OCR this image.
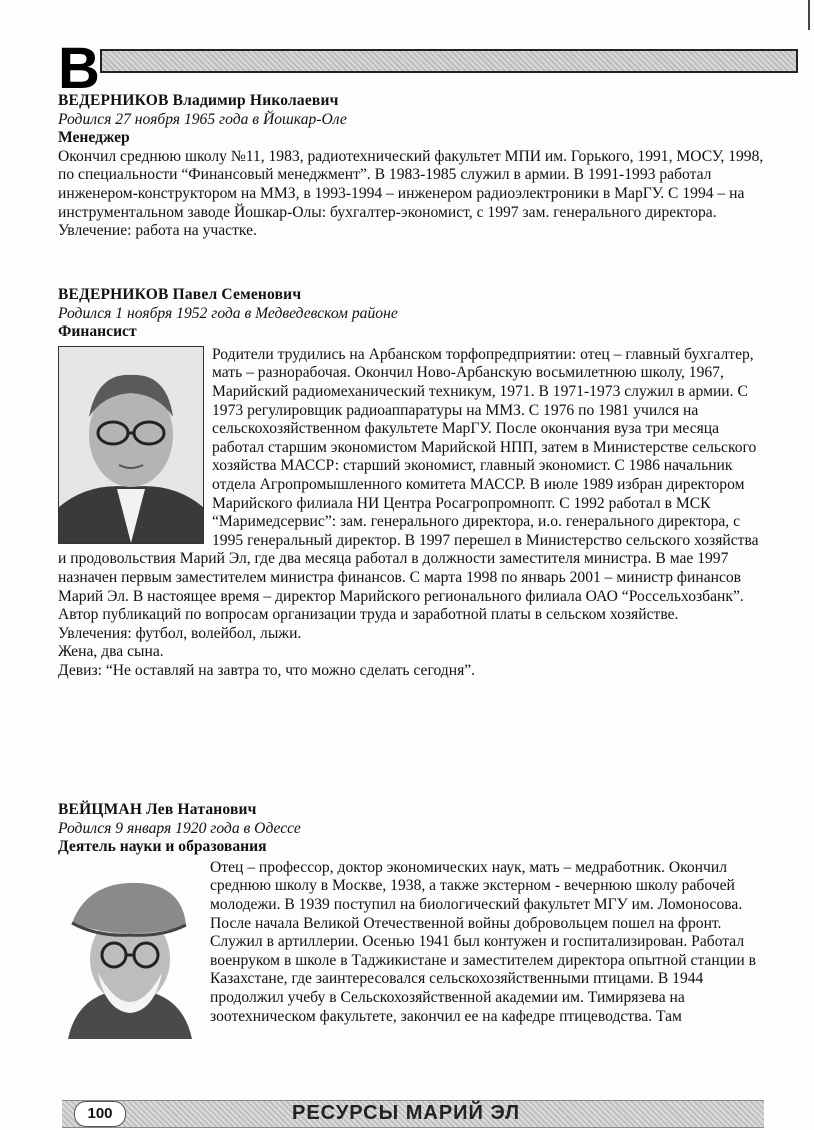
В
ВЕДЕРНИКОВ Владимир Николаевич
Родился 27 ноября 1965 года в Йошкар-Оле
Менеджер

Окончил среднюю школу №11, 1983, радиотехнический факультет МПИ им. Горького, 1991, МОСУ, 1998, по специальности “Финансовый менеджмент”. В 1983-1985 служил в армии. В 1991-1993 работал инженером-конструктором на ММЗ, в 1993-1994 – инженером радиоэлектроники в МарГУ. С 1994 – на инструментальном заводе Йошкар-Олы: бухгалтер-экономист, с 1997 зам. генерального директора.

Увлечение: работа на участке.

ВЕДЕРНИКОВ Павел Семенович
Родился 1 ноября 1952 года в Медведевском районе
Финансист

Родители трудились на Арбанском торфопредприятии: отец – главный бухгалтер, мать – разнорабочая. Окончил Ново-Арбанскую восьмилетнюю школу, 1967, Марийский радиомеханический техникум, 1971. В 1971-1973 служил в армии. С 1973 регулировщик радиоаппаратуры на ММЗ. С 1976 по 1981 учился на сельскохозяйственном факультете МарГУ. После окончания вуза три месяца работал старшим экономистом Марийской НПП, затем в Министерстве сельского хозяйства МАССР: старший экономист, главный экономист. С 1986 начальник отдела Агропромышленного комитета МАССР. В июле 1989 избран директором Марийского филиала НИ Центра Росагропромнопт. С 1992 работал в МСК “Маримедсервис”: зам. генерального директора, и.о. генерального директора, с 1995 генеральный директор. В 1997 перешел в Министерство сельского хозяйства и продовольствия Марий Эл, где два месяца работал в должности заместителя министра. В мае 1997 назначен первым заместителем министра финансов. С марта 1998 по январь 2001 – министр финансов Марий Эл. В настоящее время – директор Марийского регионального филиала ОАО “Россельхозбанк”.

Автор публикаций по вопросам организации труда и заработной платы в сельском хозяйстве.

Увлечения: футбол, волейбол, лыжи.

Жена, два сына.

Девиз: “Не оставляй на завтра то, что можно сделать сегодня”.

ВЕЙЦМАН Лев Натанович
Родился 9 января 1920 года в Одессе
Деятель науки и образования

Отец – профессор, доктор экономических наук, мать – медработник. Окончил среднюю школу в Москве, 1938, а также экстерном - вечернюю школу рабочей молодежи. В 1939 поступил на биологический факультет МГУ им. Ломоносова. После начала Великой Отечественной войны добровольцем пошел на фронт. Служил в артиллерии. Осенью 1941 был контужен и госпитализирован. Работал военруком в школе в Таджикистане и заместителем директора опытной станции в Казахстане, где заинтересовался сельскохозяйственными птицами. В 1944 продолжил учебу в Сельскохозяйственной академии им. Тимирязева на зоотехническом факультете, закончил ее на кафедре птицеводства. Там

100	РЕСУРСЫ МАРИЙ ЭЛ
